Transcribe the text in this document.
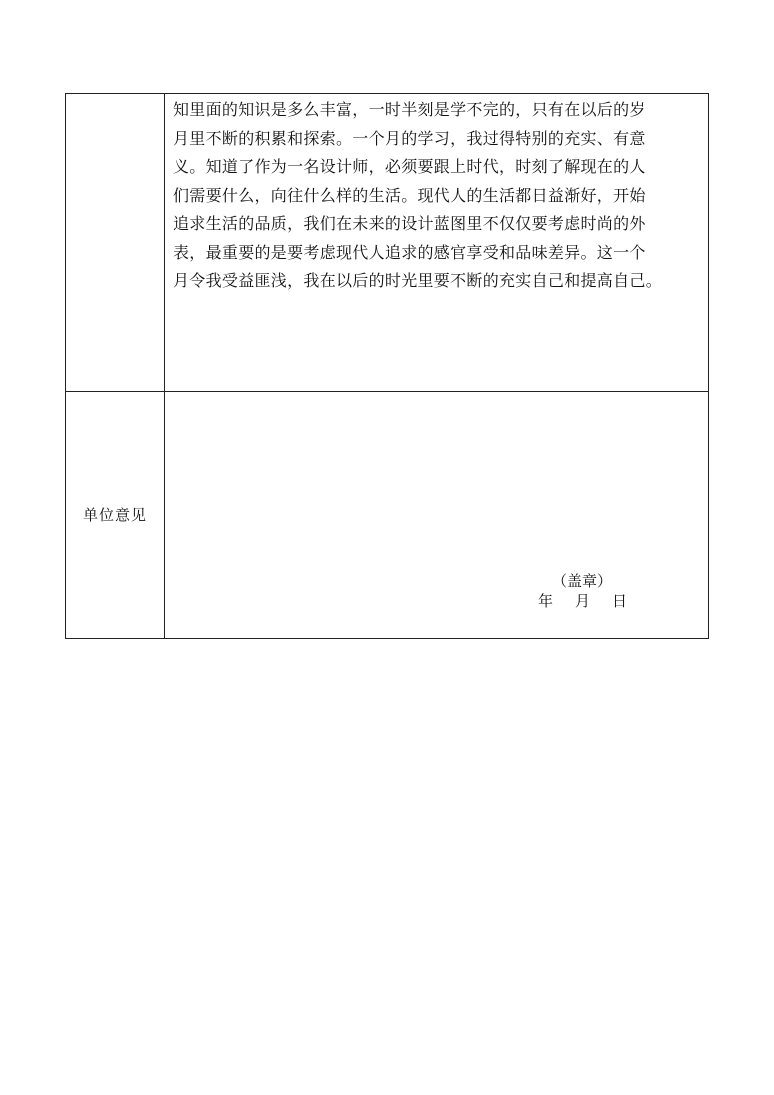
知里面的知识是多么丰富，一时半刻是学不完的，只有在以后的岁
月里不断的积累和探索。一个月的学习，我过得特别的充实、有意
义。知道了作为一名设计师，必须要跟上时代，时刻了解现在的人
们需要什么，向往什么样的生活。现代人的生活都日益渐好，开始
追求生活的品质，我们在未来的设计蓝图里不仅仅要考虑时尚的外
表，最重要的是要考虑现代人追求的感官享受和品味差异。这一个
月令我受益匪浅，我在以后的时光里要不断的充实自己和提高自己。

单位意见
（盖章）
年 月 日
